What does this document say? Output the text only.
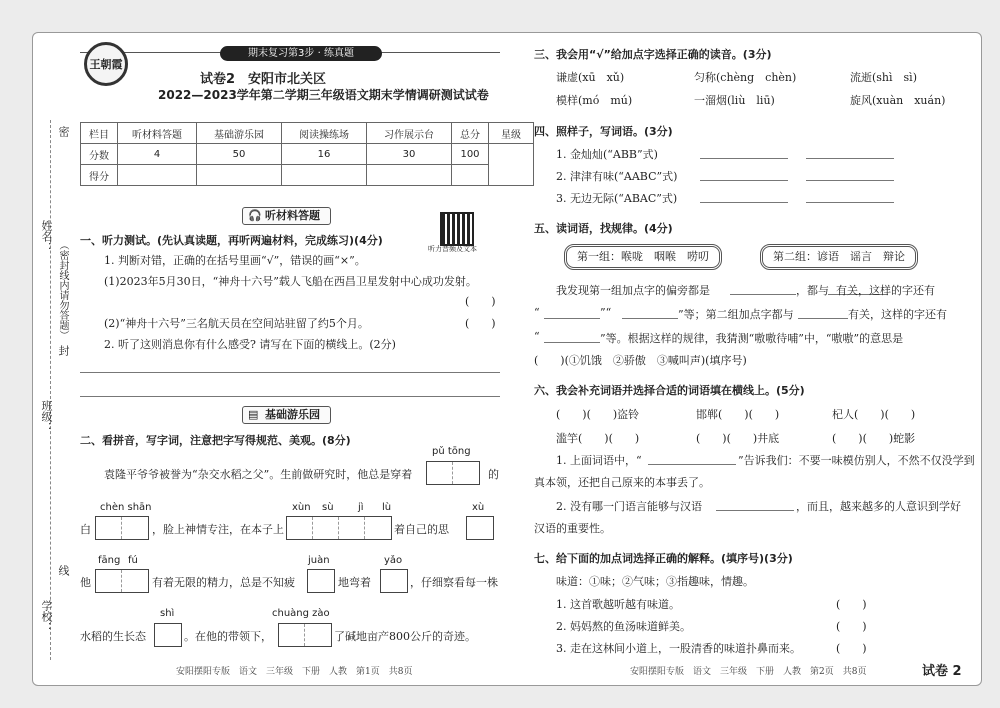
姓名：
班级：
学校：
密
封
线
（密封线内请勿答题）
期末复习第3步 · 练真题
王朝霞
试卷2　安阳市北关区
2022—2023学年第二学期三年级语文期末学情调研测试试卷
栏目	听材料答题	基础游乐园	阅读操练场	习作展示台	总分	星级
分数	4	50	16	30	100	
得分						
🎧 听材料答题
听力音频及文本
一、听力测试。(先认真读题，再听两遍材料，完成练习)(4分)
1. 判断对错，正确的在括号里画“√”，错误的画“×”。
(1)2023年5月30日，“神舟十六号”载人飞船在西昌卫星发射中心成功发射。
(　　)
(2)“神舟十六号”三名航天员在空间站驻留了约5个月。	(　　)
2. 听了这则消息你有什么感受? 请写在下面的横线上。(2分)
▤ 基础游乐园
二、看拼音，写字词，注意把字写得规范、美观。(8分)
pǔ tōng
袁隆平爷爷被誉为“杂交水稻之父”。生前做研究时，他总是穿着	的
chèn shān	xùn sù jì lù	xù
白	，脸上神情专注，在本子上	着自己的思
fāng fú	juàn	yǎo
他	有着无限的精力，总是不知疲	地弯着	，仔细察看每一株
shì	chuàng zào
水稻的生长态	。在他的带领下，	了碱地亩产800公斤的奇迹。
三、我会用“√”给加点字选择正确的读音。(3分)
谦虚(xū　xǔ)	匀称(chèng　chèn)	流逝(shì　sì)
模样(mó　mú)	一溜烟(liù　liū)	旋风(xuàn　xuán)
四、照样子，写词语。(3分)
1. 金灿灿(“ABB”式)
2. 津津有味(“AABC”式)
3. 无边无际(“ABAC”式)
五、读词语，找规律。(4分)
第一组：喉咙　咽喉　唠叨	第二组：谚语　谣言　辩论
我发现第一组加点字的偏旁都是	，都与 有关，这样的字还有
“	”“	”等；第二组加点字都与	有关，这样的字还有
“	”等。根据这样的规律，我猜测“嗷嗷待哺”中，“嗷嗷”的意思是
(　　)(①饥饿　②骄傲　③喊叫声)(填序号)
六、我会补充词语并选择合适的词语填在横线上。(5分)
(　　)(　　)盗铃	邯郸(　　)(　　)	杞人(　　)(　　)
滥竽(　　)(　　)	(　　)(　　)井底	(　　)(　　)蛇影
1. 上面词语中，“	”告诉我们：不要一味模仿别人，不然不仅没学到
真本领，还把自己原来的本事丢了。
2. 没有哪一门语言能够与汉语	，而且，越来越多的人意识到学好
汉语的重要性。
七、给下面的加点词选择正确的解释。(填序号)(3分)
味道：①味；②气味；③指趣味，情趣。
1. 这首歌越听越有味道。	(　　)
2. 妈妈熬的鱼汤味道鲜美。	(　　)
3. 走在这林间小道上，一股清香的味道扑鼻而来。	(　　)
安阳摆阳专版　语文　三年级　下册　人教　第1页　共8页	安阳摆阳专版　语文　三年级　下册　人教　第2页　共8页	试卷 2
